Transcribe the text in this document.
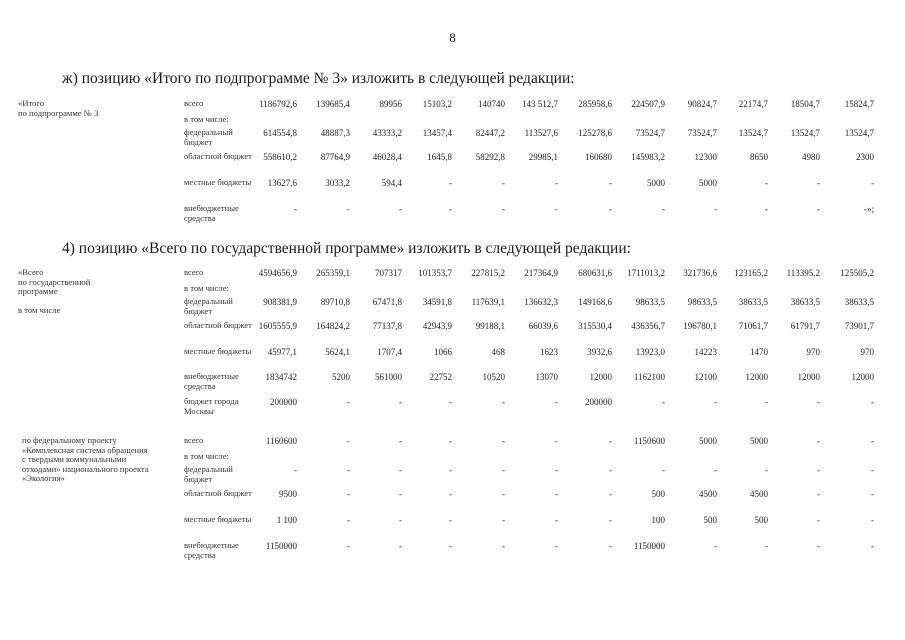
8
ж) позицию «Итого по подпрограмме № 3» изложить в следующей редакции:
«Итого
по подпрограмме № 3
всего	1186792,6	139685,4	89956	15103,2	140740	143 512,7	285958,6	224507,9	90824,7	22174,7	18504,7	15824,7
в том числе:
федеральный бюджет
614554,8	48887,3	43333,2	13457,4	82447,2	113527,6	125278,6	73524,7	73524,7	13524,7	13524,7	13524,7
областной бюджет	558610,2	87764,9	46028,4	1645,8	58292,8	29985,1	160680	145983,2	12300	8650	4980	2300
местные бюджеты	13627,6	3033,2	594,4	-	-	-	-	5000	5000	-	-	-
внебюджетные средства
-	-	-	-	-	-	-	-	-	-	-	-»;
4) позицию «Всего по государственной программе» изложить в следующей редакции:
«Всего
по государственной
программе
в том числе
всего	4594656,9	265359,1	707317	101353,7	227815,2	217364,9	680631,6	1711013,2	321736,6	123165,2	113395,2	125505,2
в том числе:
федеральный бюджет
908381,9	89710,8	67471,8	34591,8	117639,1	136632,3	149168,6	98633,5	98633,5	38633,5	38633,5	38633,5
областной бюджет 1605555,9	164824,2	77137,8	42943,9	99188,1	66039,6	315530,4	436356,7	196780,1	71061,7	61791,7	73901,7
местные бюджеты	45977,1	5624,1	1707,4	1066	468	1623	3932,6	13923,0	14223	1470	970	970
внебюджетные средства
1834742	5200	561000	22752	10520	13070	12000	1162100	12100	12000	12000	12000
бюджет города Москвы
200000	-	-	-	-	-	200000	-	-	-	-	-
по федеральному проекту
«Комплексная система обращения
с твердыми коммунальными
отходами» национального проекта
«Экология»
всего	1160600	-	-	-	-	-	-	1150600	5000	5000	-	-
в том числе:
федеральный бюджет
-	-	-	-	-	-	-	-	-	-	-	-
областной бюджет	9500	-	-	-	-	-	-	500	4500	4500	-	-
местные бюджеты	1 100	-	-	-	-	-	-	100	500	500	-	-
внебюджетные средства
1150000	-	-	-	-	-	-	1150000	-	-	-	-
